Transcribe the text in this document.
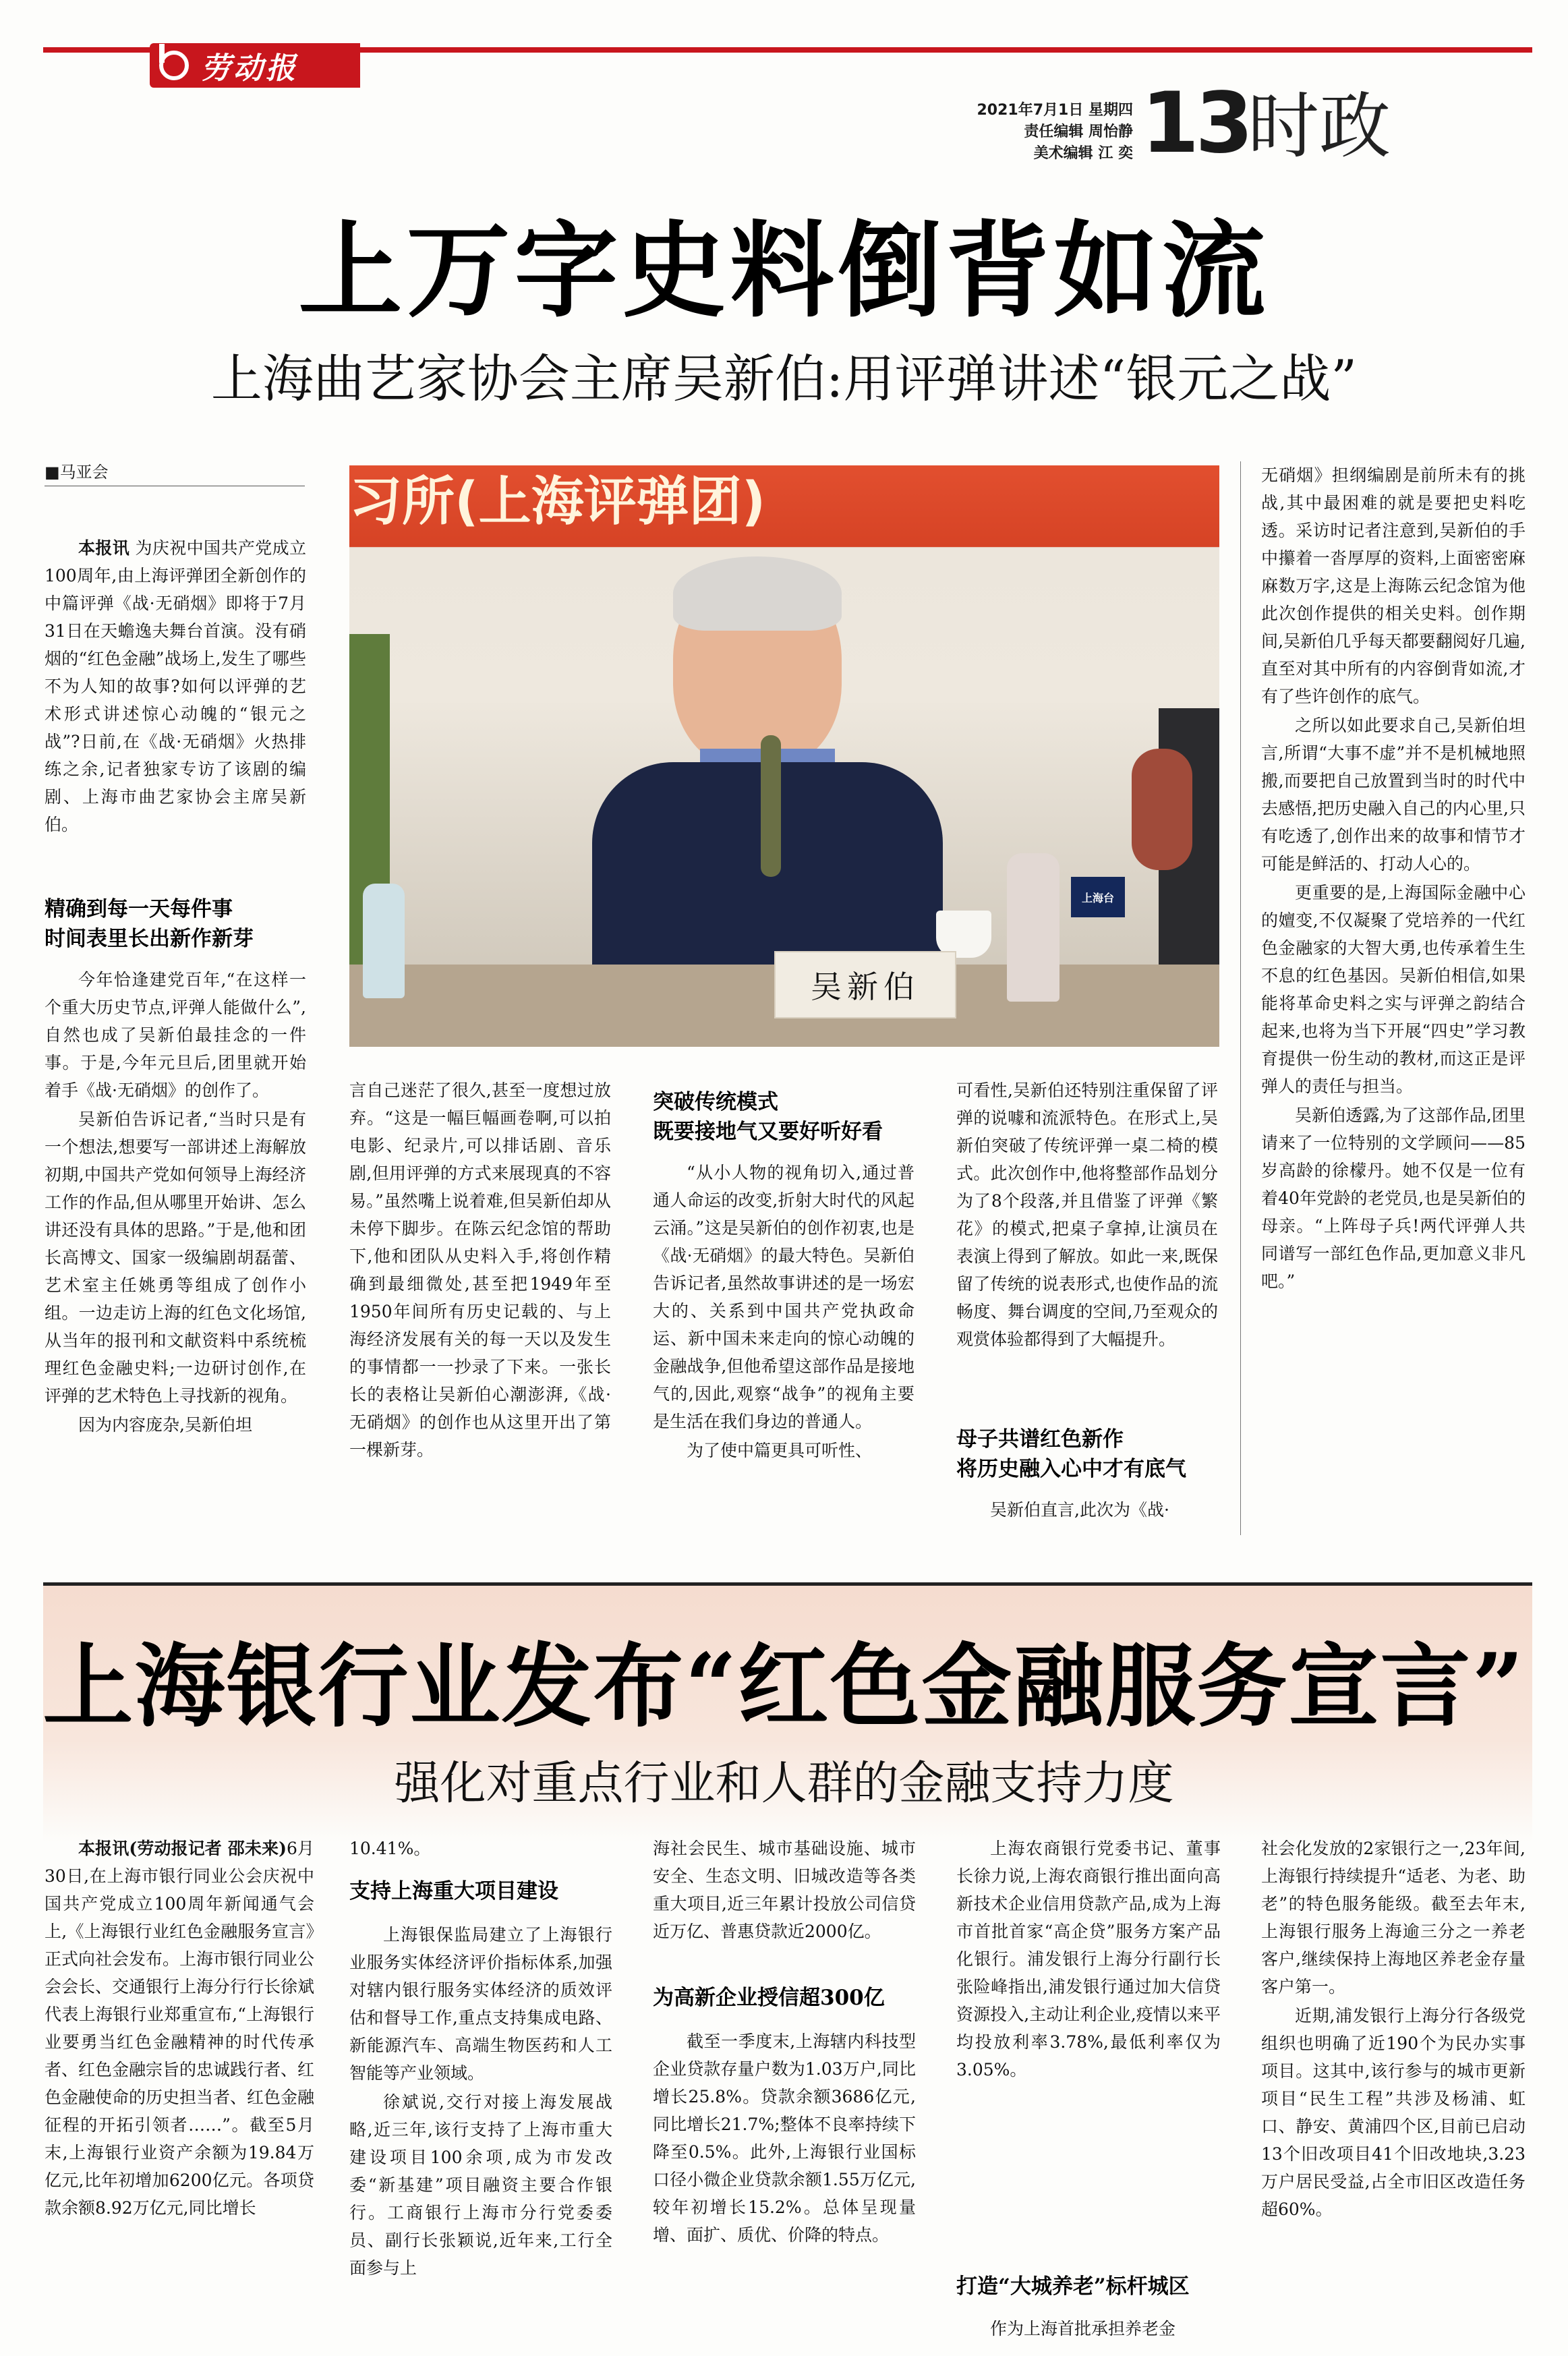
劳动报
2021年7月1日 星期四
责任编辑 周怡静
美术编辑 江 奕 13
时政
上万字史料倒背如流
上海曲艺家协会主席吴新伯:用评弹讲述“银元之战”
■马亚会	习所(上海评弹团)
上海台
吴新伯

本报讯 为庆祝中国共产党成立100周年,由上海评弹团全新创作的中篇评弹《战·无硝烟》即将于7月31日在天蟾逸夫舞台首演。没有硝烟的“红色金融”战场上,发生了哪些不为人知的故事?如何以评弹的艺术形式讲述惊心动魄的“银元之战”?日前,在《战·无硝烟》火热排练之余,记者独家专访了该剧的编剧、上海市曲艺家协会主席吴新伯。

精确到每一天每件事
时间表里长出新作新芽

今年恰逢建党百年,“在这样一个重大历史节点,评弹人能做什么”,自然也成了吴新伯最挂念的一件事。于是,今年元旦后,团里就开始着手《战·无硝烟》的创作了。

吴新伯告诉记者,“当时只是有一个想法,想要写一部讲述上海解放初期,中国共产党如何领导上海经济工作的作品,但从哪里开始讲、怎么讲还没有具体的思路。”于是,他和团长高博文、国家一级编剧胡磊蕾、艺术室主任姚勇等组成了创作小组。一边走访上海的红色文化场馆,从当年的报刊和文献资料中系统梳理红色金融史料;一边研讨创作,在评弹的艺术特色上寻找新的视角。

因为内容庞杂,吴新伯坦

言自己迷茫了很久,甚至一度想过放弃。“这是一幅巨幅画卷啊,可以拍电影、纪录片,可以排话剧、音乐剧,但用评弹的方式来展现真的不容易。”虽然嘴上说着难,但吴新伯却从未停下脚步。在陈云纪念馆的帮助下,他和团队从史料入手,将创作精确到最细微处,甚至把1949年至1950年间所有历史记载的、与上海经济发展有关的每一天以及发生的事情都一一抄录了下来。一张长长的表格让吴新伯心潮澎湃,《战·无硝烟》的创作也从这里开出了第一棵新芽。

突破传统模式
既要接地气又要好听好看

“从小人物的视角切入,通过普通人命运的改变,折射大时代的风起云涌。”这是吴新伯的创作初衷,也是《战·无硝烟》的最大特色。吴新伯告诉记者,虽然故事讲述的是一场宏大的、关系到中国共产党执政命运、新中国未来走向的惊心动魄的金融战争,但他希望这部作品是接地气的,因此,观察“战争”的视角主要是生活在我们身边的普通人。

为了使中篇更具可听性、

可看性,吴新伯还特别注重保留了评弹的说噱和流派特色。在形式上,吴新伯突破了传统评弹一桌二椅的模式。此次创作中,他将整部作品划分为了8个段落,并且借鉴了评弹《繁花》的模式,把桌子拿掉,让演员在表演上得到了解放。如此一来,既保留了传统的说表形式,也使作品的流畅度、舞台调度的空间,乃至观众的观赏体验都得到了大幅提升。

母子共谱红色新作
将历史融入心中才有底气

吴新伯直言,此次为《战·

无硝烟》担纲编剧是前所未有的挑战,其中最困难的就是要把史料吃透。采访时记者注意到,吴新伯的手中攥着一沓厚厚的资料,上面密密麻麻数万字,这是上海陈云纪念馆为他此次创作提供的相关史料。创作期间,吴新伯几乎每天都要翻阅好几遍,直至对其中所有的内容倒背如流,才有了些许创作的底气。

之所以如此要求自己,吴新伯坦言,所谓“大事不虚”并不是机械地照搬,而要把自己放置到当时的时代中去感悟,把历史融入自己的内心里,只有吃透了,创作出来的故事和情节才可能是鲜活的、打动人心的。

更重要的是,上海国际金融中心的嬗变,不仅凝聚了党培养的一代红色金融家的大智大勇,也传承着生生不息的红色基因。吴新伯相信,如果能将革命史料之实与评弹之韵结合起来,也将为当下开展“四史”学习教育提供一份生动的教材,而这正是评弹人的责任与担当。

吴新伯透露,为了这部作品,团里请来了一位特别的文学顾问——85岁高龄的徐檬丹。她不仅是一位有着40年党龄的老党员,也是吴新伯的母亲。“上阵母子兵!两代评弹人共同谱写一部红色作品,更加意义非凡吧。”

上海银行业发布“红色金融服务宣言”
强化对重点行业和人群的金融支持力度

本报讯(劳动报记者 邵未来)6月30日,在上海市银行同业公会庆祝中国共产党成立100周年新闻通气会上,《上海银行业红色金融服务宣言》正式向社会发布。上海市银行同业公会会长、交通银行上海分行行长徐斌代表上海银行业郑重宣布,“上海银行业要勇当红色金融精神的时代传承者、红色金融宗旨的忠诚践行者、红色金融使命的历史担当者、红色金融征程的开拓引领者……”。截至5月末,上海银行业资产余额为19.84万亿元,比年初增加6200亿元。各项贷款余额8.92万亿元,同比增长

10.41%。

支持上海重大项目建设

上海银保监局建立了上海银行业服务实体经济评价指标体系,加强对辖内银行服务实体经济的质效评估和督导工作,重点支持集成电路、新能源汽车、高端生物医药和人工智能等产业领域。

徐斌说,交行对接上海发展战略,近三年,该行支持了上海市重大建设项目100余项,成为市发改委“新基建”项目融资主要合作银行。工商银行上海市分行党委委员、副行长张颖说,近年来,工行全面参与上

海社会民生、城市基础设施、城市安全、生态文明、旧城改造等各类重大项目,近三年累计投放公司信贷近万亿、普惠贷款近2000亿。

为高新企业授信超300亿

截至一季度末,上海辖内科技型企业贷款存量户数为1.03万户,同比增长25.8%。贷款余额3686亿元,同比增长21.7%;整体不良率持续下降至0.5%。此外,上海银行业国标口径小微企业贷款余额1.55万亿元,较年初增长15.2%。总体呈现量增、面扩、质优、价降的特点。

上海农商银行党委书记、董事长徐力说,上海农商银行推出面向高新技术企业信用贷款产品,成为上海市首批首家“高企贷”服务方案产品化银行。浦发银行上海分行副行长张险峰指出,浦发银行通过加大信贷资源投入,主动让利企业,疫情以来平均投放利率3.78%,最低利率仅为3.05%。

打造“大城养老”标杆城区

作为上海首批承担养老金

社会化发放的2家银行之一,23年间,上海银行持续提升“适老、为老、助老”的特色服务能级。截至去年末,上海银行服务上海逾三分之一养老客户,继续保持上海地区养老金存量客户第一。

近期,浦发银行上海分行各级党组织也明确了近190个为民办实事项目。这其中,该行参与的城市更新项目“民生工程”共涉及杨浦、虹口、静安、黄浦四个区,目前已启动13个旧改项目41个旧改地块,3.23万户居民受益,占全市旧区改造任务超60%。
